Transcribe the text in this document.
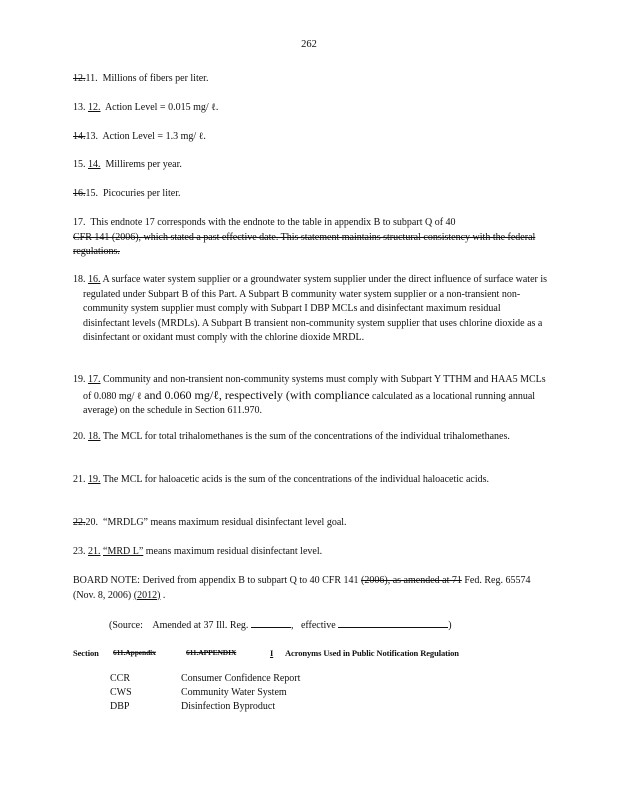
262
12.11. Millions of fibers per liter.
13. 12. Action Level = 0.015 mg/ ℓ.
14.13. Action Level = 1.3 mg/ ℓ.
15. 14. Millirems per year.
16.15. Picocuries per liter.
17. This endnote 17 corresponds with the endnote to the table in appendix B to subpart Q of 40
CFR 141 (2006), which stated a past effective date. This statement maintains structural consistency with the federal regulations.
18. 16. A surface water system supplier or a groundwater system supplier under the direct influence of surface water is regulated under Subpart B of this Part. A Subpart B community water system supplier or a non-transient non-community system supplier must comply with Subpart I DBP MCLs and disinfectant maximum residual disinfectant levels (MRDLs). A Subpart B transient non-community system supplier that uses chlorine dioxide as a disinfectant or oxidant must comply with the chlorine dioxide MRDL.
19. 17. Community and non-transient non-community systems must comply with Subpart Y TTHM and HAA5 MCLs of 0.080 mg/ ℓ and 0.060 mg/ℓ, respectively (with compliance calculated as a locational running annual average) on the schedule in Section 611.970.
20. 18. The MCL for total trihalomethanes is the sum of the concentrations of the individual trihalomethanes.
21. 19. The MCL for haloacetic acids is the sum of the concentrations of the individual haloacetic acids.
22.20. “MRDLG” means maximum residual disinfectant level goal.
23. 21. “MRD L” means maximum residual disinfectant level.
BOARD NOTE: Derived from appendix B to subpart Q to 40 CFR 141 (2006), as amended at 71 Fed. Reg. 65574 (Nov. 8, 2006) (2012) .
(Source: Amended at 37 Ill. Reg.	,   effective	)
Section 611.Appendix	611.APPENDIX	I Acronyms Used in Public Notification Regulation
CCR	Consumer Confidence Report
CWS	Community Water System
DBP	Disinfection Byproduct
